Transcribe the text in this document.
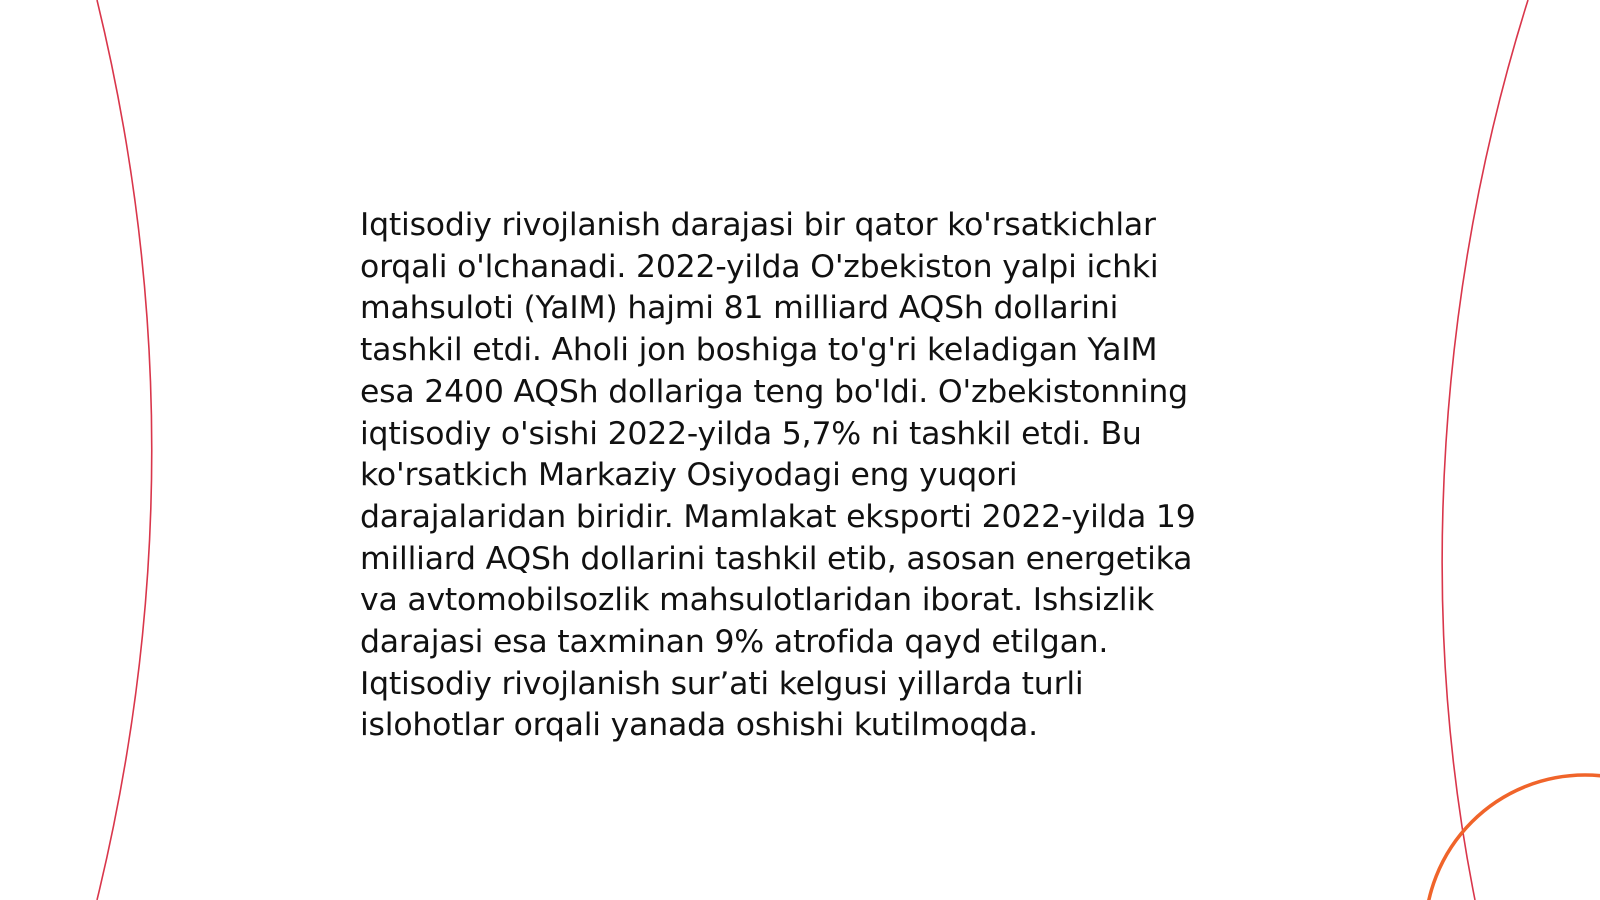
Iqtisodiy rivojlanish darajasi bir qator ko'rsatkichlar
orqali o'lchanadi. 2022-yilda O'zbekiston yalpi ichki
mahsuloti (YaIM) hajmi 81 milliard AQSh dollarini
tashkil etdi. Aholi jon boshiga to'g'ri keladigan YaIM
esa 2400 AQSh dollariga teng bo'ldi. O'zbekistonning
iqtisodiy o'sishi 2022-yilda 5,7% ni tashkil etdi. Bu
ko'rsatkich Markaziy Osiyodagi eng yuqori
darajalaridan biridir. Mamlakat eksporti 2022-yilda 19
milliard AQSh dollarini tashkil etib, asosan energetika
va avtomobilsozlik mahsulotlaridan iborat. Ishsizlik
darajasi esa taxminan 9% atrofida qayd etilgan.
Iqtisodiy rivojlanish sur’ati kelgusi yillarda turli
islohotlar orqali yanada oshishi kutilmoqda.
